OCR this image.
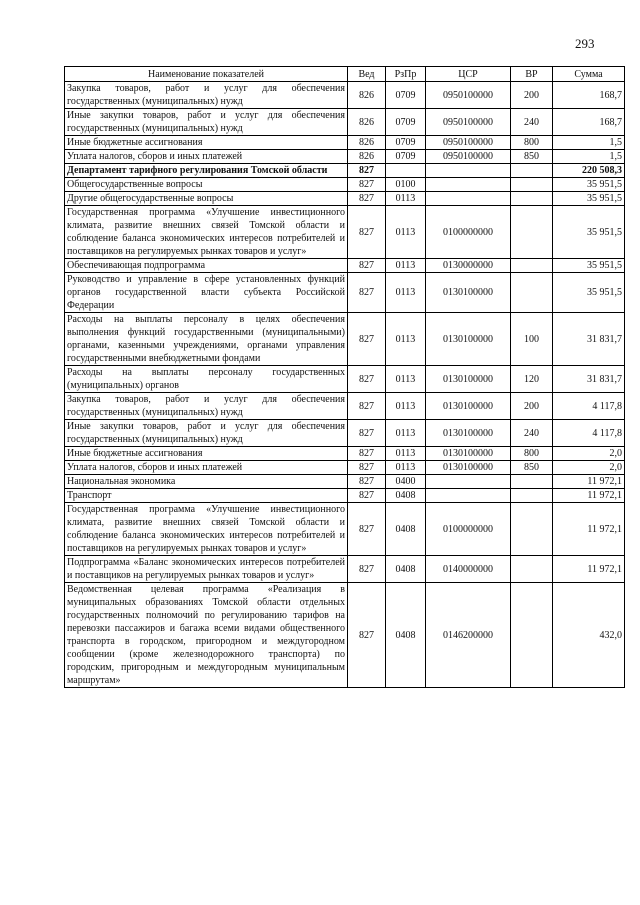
293
Наименование показателей	Вед	РзПр	ЦСР	ВР	Сумма
Закупка товаров, работ и услуг для обеспечения государственных (муниципальных) нужд	826	0709	0950100000	200	168,7
Иные закупки товаров, работ и услуг для обеспечения государственных (муниципальных) нужд	826	0709	0950100000	240	168,7
Иные бюджетные ассигнования	826	0709	0950100000	800	1,5
Уплата налогов, сборов и иных платежей	826	0709	0950100000	850	1,5
Департамент тарифного регулирования Томской области	827				220 508,3
Общегосударственные вопросы	827	0100			35 951,5
Другие общегосударственные вопросы	827	0113			35 951,5
Государственная программа «Улучшение инвестиционного климата, развитие внешних связей Томской области и соблюдение баланса экономических интересов потребителей и поставщиков на регулируемых рынках товаров и услуг»	827	0113	0100000000		35 951,5
Обеспечивающая подпрограмма	827	0113	0130000000		35 951,5
Руководство и управление в сфере установленных функций органов государственной власти субъекта Российской Федерации	827	0113	0130100000		35 951,5
Расходы на выплаты персоналу в целях обеспечения выполнения функций государственными (муниципальными) органами, казенными учреждениями, органами управления государственными внебюджетными фондами	827	0113	0130100000	100	31 831,7
Расходы на выплаты персоналу государственных (муниципальных) органов	827	0113	0130100000	120	31 831,7
Закупка товаров, работ и услуг для обеспечения государственных (муниципальных) нужд	827	0113	0130100000	200	4 117,8
Иные закупки товаров, работ и услуг для обеспечения государственных (муниципальных) нужд	827	0113	0130100000	240	4 117,8
Иные бюджетные ассигнования	827	0113	0130100000	800	2,0
Уплата налогов, сборов и иных платежей	827	0113	0130100000	850	2,0
Национальная экономика	827	0400			11 972,1
Транспорт	827	0408			11 972,1
Государственная программа «Улучшение инвестиционного климата, развитие внешних связей Томской области и соблюдение баланса экономических интересов потребителей и поставщиков на регулируемых рынках товаров и услуг»	827	0408	0100000000		11 972,1
Подпрограмма «Баланс экономических интересов потребителей и поставщиков на регулируемых рынках товаров и услуг»	827	0408	0140000000		11 972,1
Ведомственная целевая программа «Реализация в муниципальных образованиях Томской области отдельных государственных полномочий по регулированию тарифов на перевозки пассажиров и багажа всеми видами общественного транспорта в городском, пригородном и междугородном сообщении (кроме железнодорожного транспорта) по городским, пригородным и междугородным муниципальным маршрутам»	827	0408	0146200000		432,0
